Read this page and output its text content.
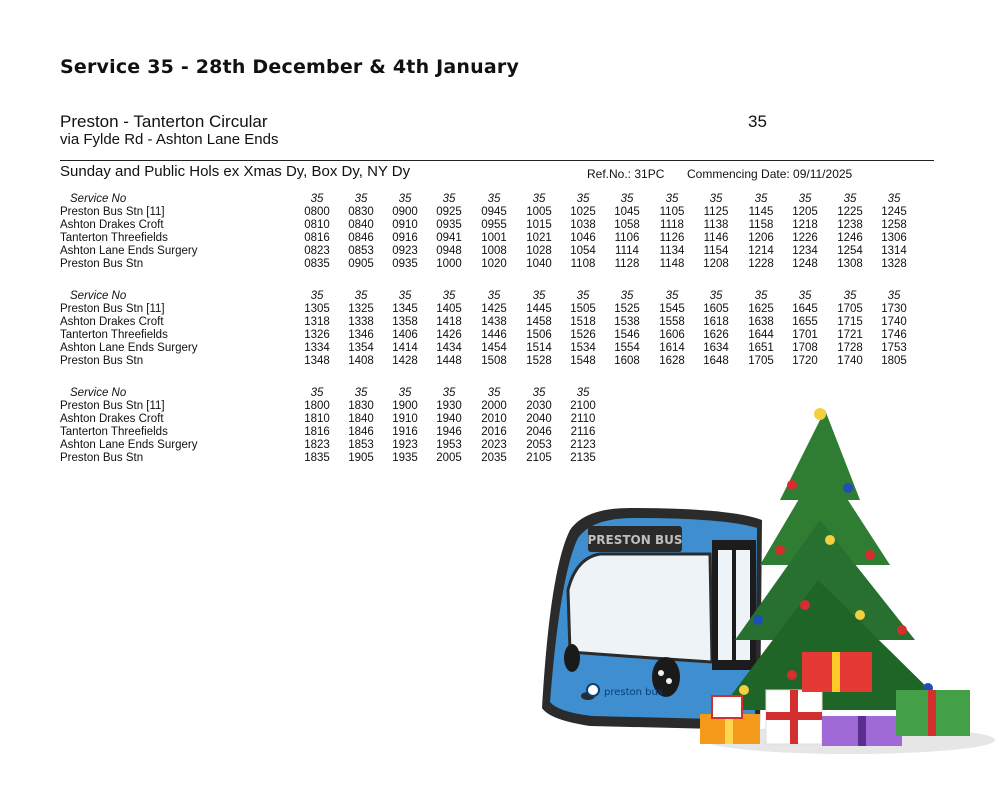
Service 35 - 28th December & 4th January
Preston - Tanterton Circular
via Fylde Rd - Ashton Lane Ends
35
Sunday and Public Hols ex Xmas Dy, Box Dy, NY Dy	Ref.No.: 31PC Commencing Date: 09/11/2025
Service No	35	35	35	35	35	35	35	35	35	35	35	35	35	35
Preston Bus Stn [11]	0800	0830	0900	0925	0945	1005	1025	1045	1105	1125	1145	1205	1225	1245
Ashton Drakes Croft	0810	0840	0910	0935	0955	1015	1038	1058	1118	1138	1158	1218	1238	1258
Tanterton Threefields	0816	0846	0916	0941	1001	1021	1046	1106	1126	1146	1206	1226	1246	1306
Ashton Lane Ends Surgery	0823	0853	0923	0948	1008	1028	1054	1114	1134	1154	1214	1234	1254	1314
Preston Bus Stn	0835	0905	0935	1000	1020	1040	1108	1128	1148	1208	1228	1248	1308	1328
Service No	35	35	35	35	35	35	35	35	35	35	35	35	35	35
Preston Bus Stn [11]	1305	1325	1345	1405	1425	1445	1505	1525	1545	1605	1625	1645	1705	1730
Ashton Drakes Croft	1318	1338	1358	1418	1438	1458	1518	1538	1558	1618	1638	1655	1715	1740
Tanterton Threefields	1326	1346	1406	1426	1446	1506	1526	1546	1606	1626	1644	1701	1721	1746
Ashton Lane Ends Surgery	1334	1354	1414	1434	1454	1514	1534	1554	1614	1634	1651	1708	1728	1753
Preston Bus Stn	1348	1408	1428	1448	1508	1528	1548	1608	1628	1648	1705	1720	1740	1805
Service No	35	35	35	35	35	35	35
Preston Bus Stn [11]	1800	1830	1900	1930	2000	2030	2100
Ashton Drakes Croft	1810	1840	1910	1940	2010	2040	2110
Tanterton Threefields	1816	1846	1916	1946	2016	2046	2116
Ashton Lane Ends Surgery	1823	1853	1923	1953	2023	2053	2123
Preston Bus Stn	1835	1905	1935	2005	2035	2105	2135
PRESTON BUS
preston bus
